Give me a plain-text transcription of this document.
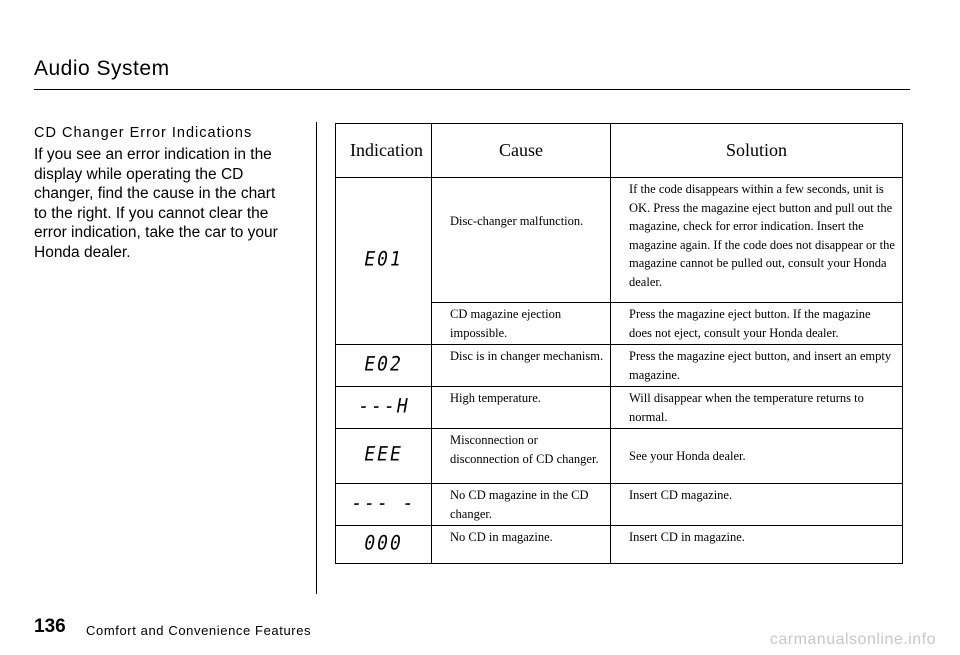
Audio System
CD Changer Error Indications
If you see an error indication in the
display while operating the CD
changer, find the cause in the chart
to the right. If you cannot clear the
error indication, take the car to your
Honda dealer.
Indication	Cause	Solution
E01	Disc-changer malfunction.	If the code disappears within a few seconds, unit is OK. Press the magazine eject button and pull out the magazine, check for error indication. Insert the magazine again. If the code does not disappear or the magazine cannot be pulled out, consult your Honda dealer.
	CD magazine ejection impossible.	Press the magazine eject button. If the magazine does not eject, consult your Honda dealer.
E02	Disc is in changer mechanism.	Press the magazine eject button, and insert an empty magazine.
---H	High temperature.	Will disappear when the temperature returns to normal.
EEE	Misconnection or disconnection of CD changer.	See your Honda dealer.
--- -	No CD magazine in the CD changer.	Insert CD magazine.
000	No CD in magazine.	Insert CD in magazine.
136 Comfort and Convenience Features
carmanualsonline.info
